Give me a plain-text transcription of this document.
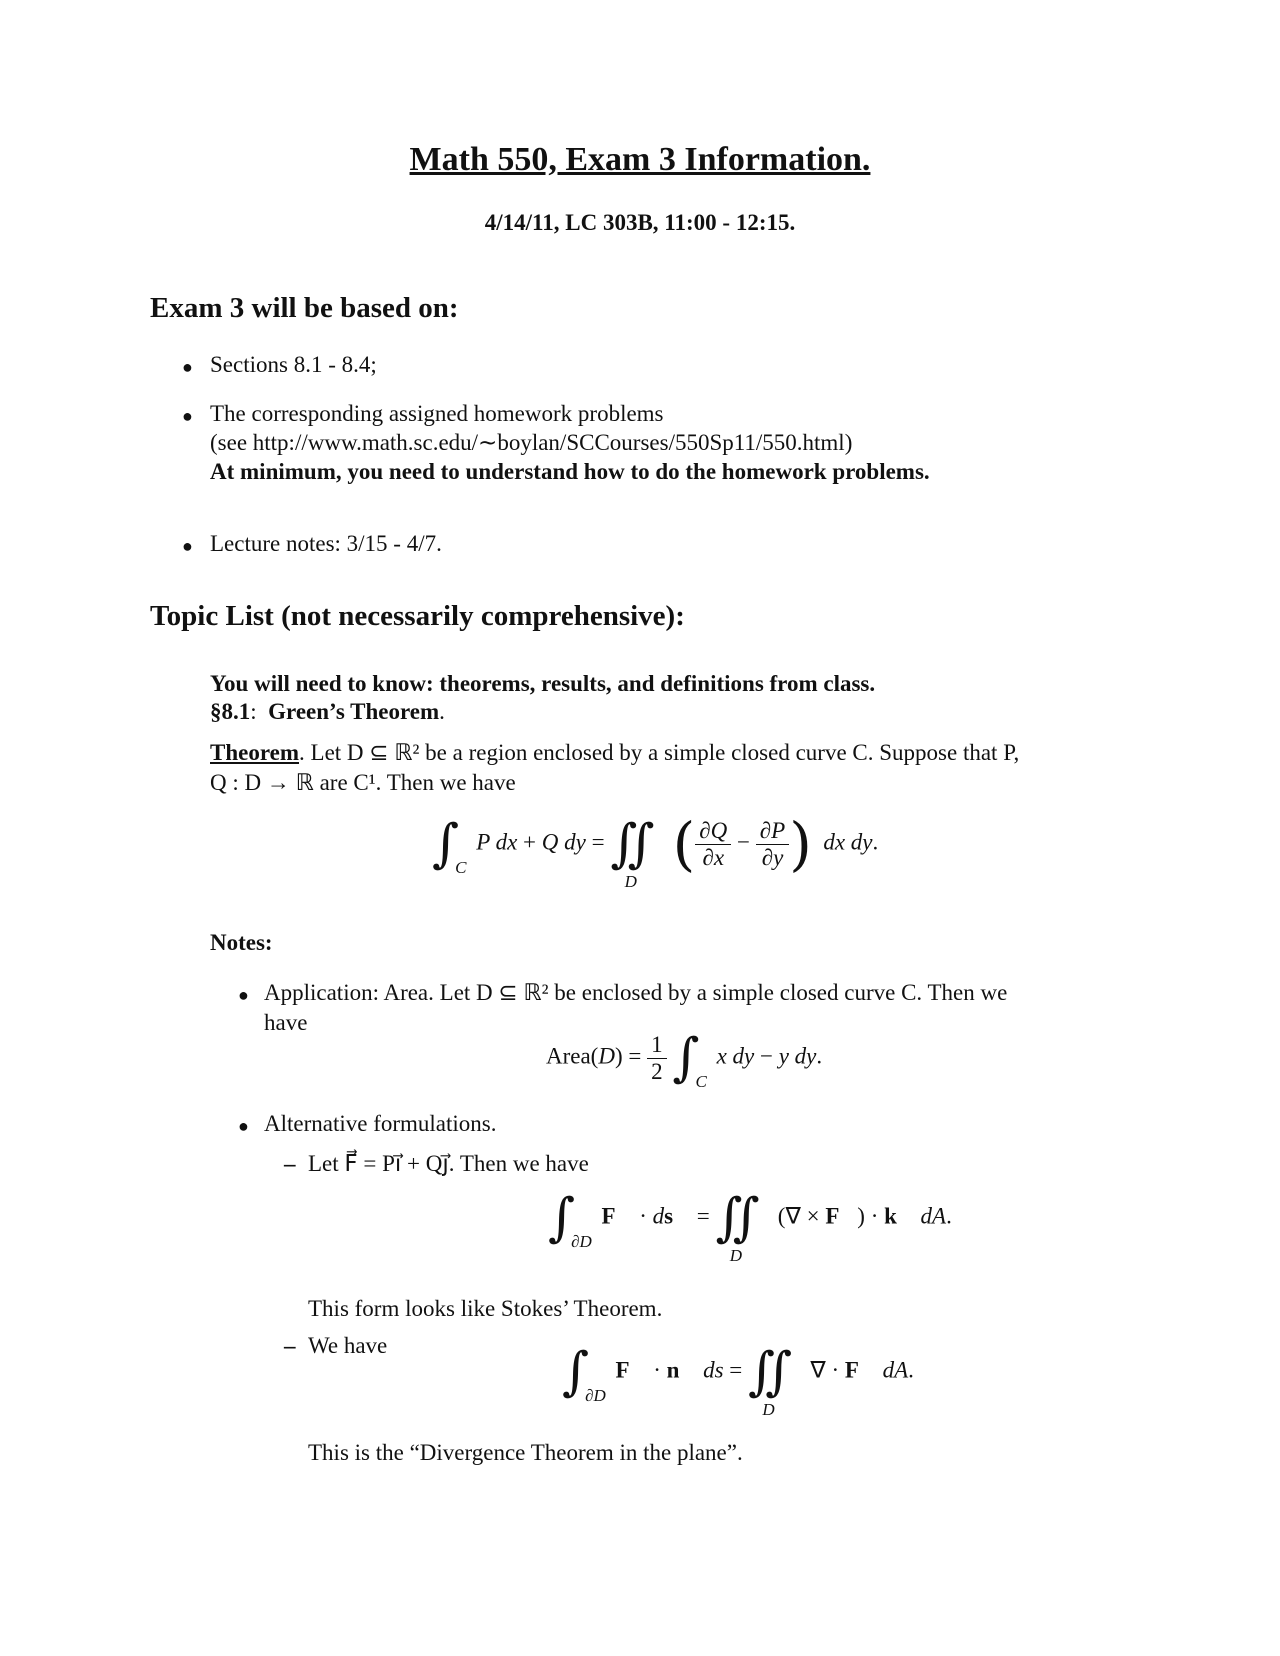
Math 550, Exam 3 Information.
4/14/11, LC 303B, 11:00 - 12:15.
Exam 3 will be based on:
● Sections 8.1 - 8.4;
● The corresponding assigned homework problems
(see http://www.math.sc.edu/∼boylan/SCCourses/550Sp11/550.html)
At minimum, you need to understand how to do the homework problems.
● Lecture notes: 3/15 - 4/7.
Topic List (not necessarily comprehensive):
You will need to know: theorems, results, and definitions from class.
§8.1:  Green’s Theorem.
Theorem. Let D ⊆ ℝ² be a region enclosed by a simple closed curve C. Suppose that P,
Q : D → ℝ are C¹. Then we have
$\int_C$ P dx + Q dy = $∬_D$ ( $\frac{\partial Q}{\partial x} - \frac{\partial P}{\partial y}$ ) dx dy.
Notes:
● Application: Area. Let D ⊆ ℝ² be enclosed by a simple closed curve C. Then we
have
Area(D) = $\frac{1}{2} \int_C$ x dy − y dy.
● Alternative formulations.
– Let F⃗ = Pi⃗ + Qj⃗. Then we have
$\int_{\partial D}$ F⃗ · ds⃗ = $∬_D$ (∇ × F⃗) · k⃗ dA.
This form looks like Stokes’ Theorem.
– We have	$\int_{\partial D}$ F⃗ · n⃗ ds = $∬_D$ ∇ · F⃗ dA.
This is the “Divergence Theorem in the plane”.
